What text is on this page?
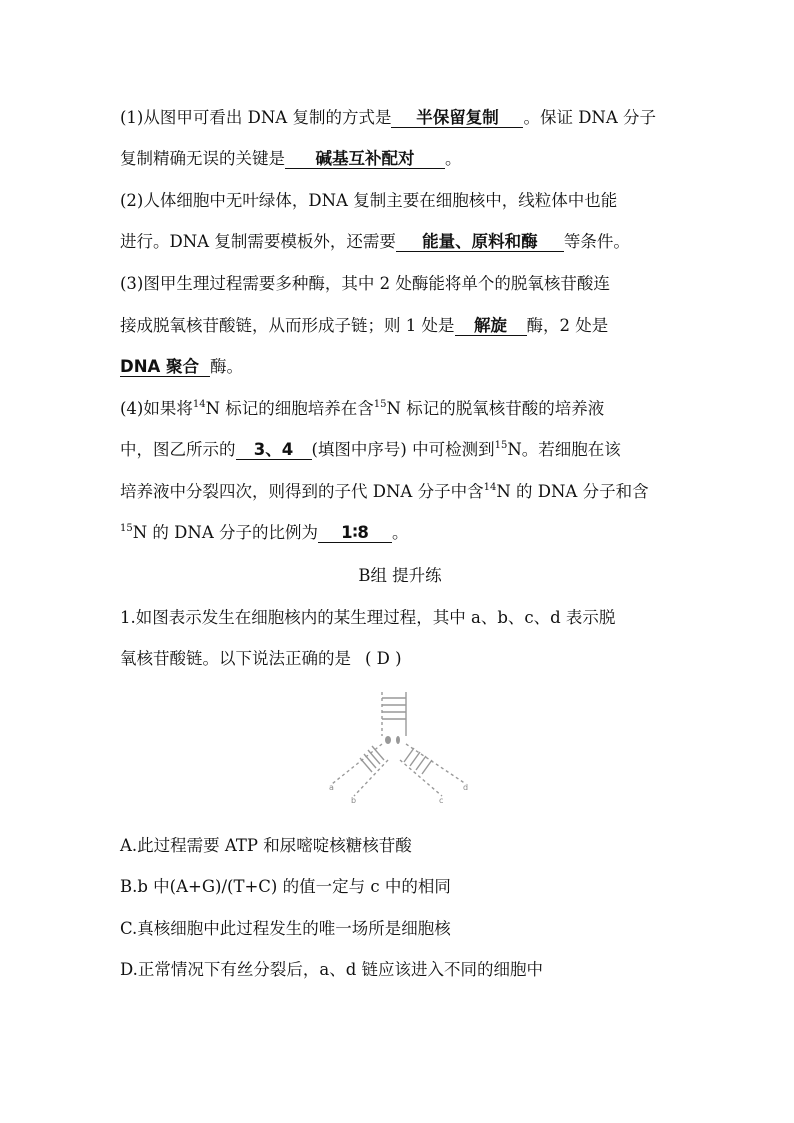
(1)从图甲可看出 DNA 复制的方式是 半保留复制 。保证 DNA 分子
复制精确无误的关键是 碱基互补配对 。
(2)人体细胞中无叶绿体，DNA 复制主要在细胞核中，线粒体中也能
进行。DNA 复制需要模板外，还需要 能量、原料和酶 等条件。
(3)图甲生理过程需要多种酶，其中 2 处酶能将单个的脱氧核苷酸连
接成脱氧核苷酸链，从而形成子链；则 1 处是 解旋 酶，2 处是
DNA 聚合 酶。
(4)如果将$^{14}$N 标记的细胞培养在含$^{15}$N 标记的脱氧核苷酸的培养液
中，图乙所示的 3、4 (填图中序号) 中可检测到$^{15}$N。若细胞在该
培养液中分裂四次，则得到的子代 DNA 分子中含$^{14}$N 的 DNA 分子和含
$^{15}$N 的 DNA 分子的比例为 1∶8 。
B组 提升练
1.如图表示发生在细胞核内的某生理过程，其中 a、b、c、d 表示脱
氧核苷酸链。以下说法正确的是 ( D )
a
b	c
d
A.此过程需要 ATP 和尿嘧啶核糖核苷酸
B.b 中(A+G)/(T+C) 的值一定与 c 中的相同
C.真核细胞中此过程发生的唯一场所是细胞核
D.正常情况下有丝分裂后，a、d 链应该进入不同的细胞中
